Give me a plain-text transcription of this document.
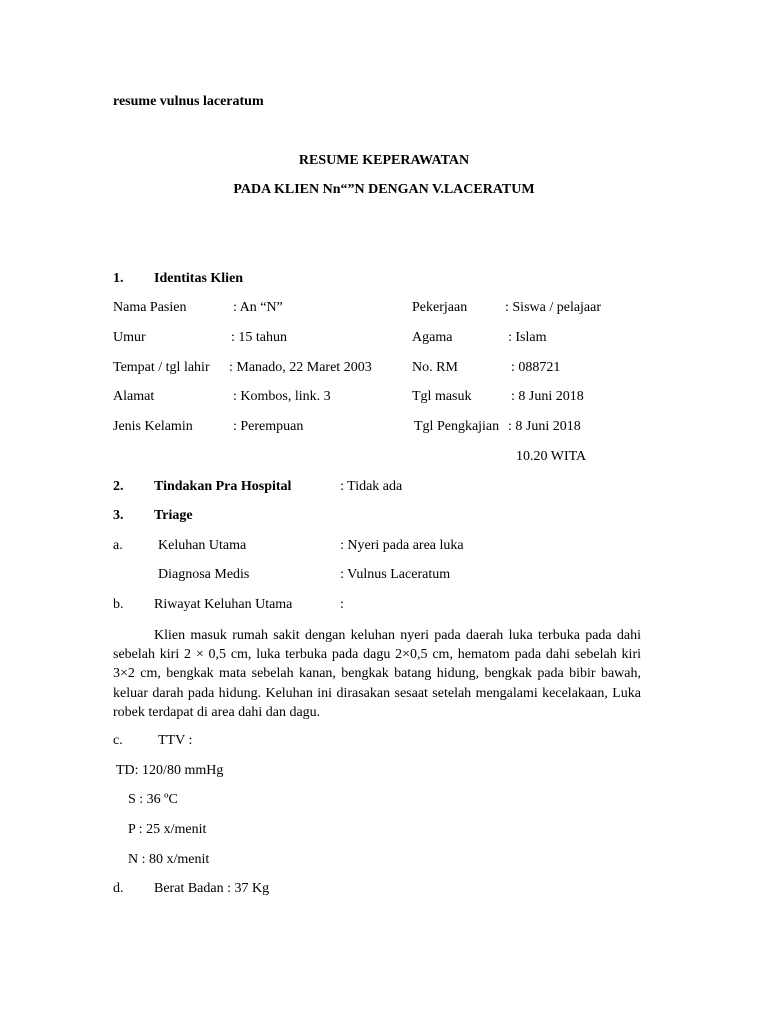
resume vulnus laceratum
RESUME KEPERAWATAN
PADA KLIEN Nn“”N DENGAN V.LACERATUM
1. Identitas Klien
Nama Pasien	: An “N”	Pekerjaan	: Siswa / pelajaar
Umur	: 15 tahun	Agama	: Islam
Tempat / tgl lahir : Manado, 22 Maret 2003	No. RM	: 088721
Alamat	: Kombos, link. 3	Tgl masuk	: 8 Juni 2018
Jenis Kelamin	: Perempuan	Tgl Pengkajian : 8 Juni 2018
10.20 WITA
2. Tindakan Pra Hospital	: Tidak ada
3. Triage
a.	Keluhan Utama	: Nyeri pada area luka
Diagnosa Medis	: Vulnus Laceratum
b. Riwayat Keluhan Utama	:
Klien masuk rumah sakit dengan keluhan nyeri pada daerah luka terbuka pada dahi sebelah kiri 2 × 0,5 cm, luka terbuka pada dagu 2×0,5 cm, hematom pada dahi sebelah kiri 3×2 cm, bengkak mata sebelah kanan, bengkak batang hidung, bengkak pada bibir bawah, keluar darah pada hidung. Keluhan ini dirasakan sesaat setelah mengalami kecelakaan, Luka robek terdapat di area dahi dan dagu.
c.	TTV :
TD: 120/80 mmHg
S : 36 ºC
P : 25 x/menit
N : 80 x/menit
d. Berat Badan : 37 Kg
